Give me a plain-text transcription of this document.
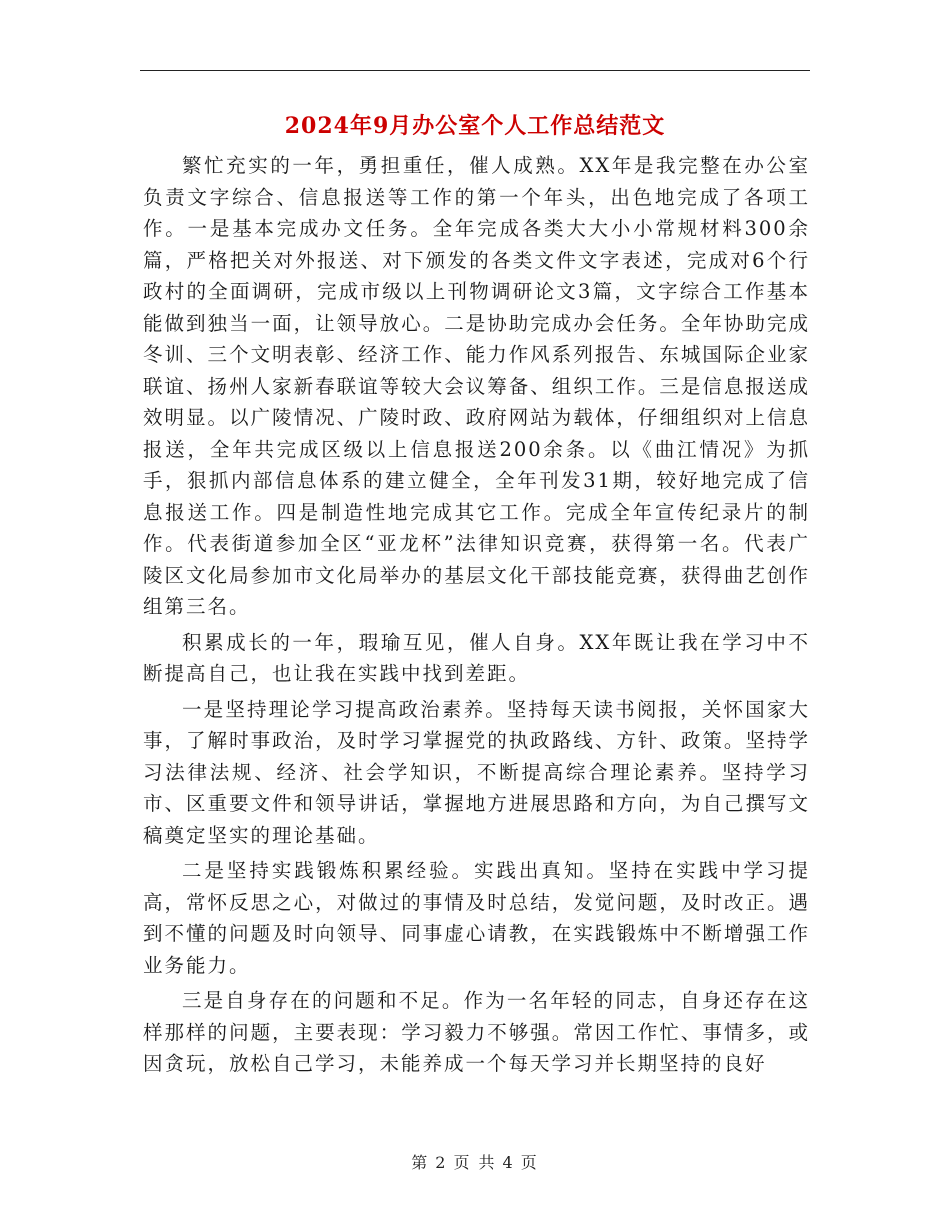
2024年9月办公室个人工作总结范文

繁忙充实的一年，勇担重任，催人成熟。XX年是我完整在办公室负责文字综合、信息报送等工作的第一个年头，出色地完成了各项工作。一是基本完成办文任务。全年完成各类大大小小常规材料300余篇，严格把关对外报送、对下颁发的各类文件文字表述，完成对6个行政村的全面调研，完成市级以上刊物调研论文3篇，文字综合工作基本能做到独当一面，让领导放心。二是协助完成办会任务。全年协助完成冬训、三个文明表彰、经济工作、能力作风系列报告、东城国际企业家联谊、扬州人家新春联谊等较大会议筹备、组织工作。三是信息报送成效明显。以广陵情况、广陵时政、政府网站为载体，仔细组织对上信息报送，全年共完成区级以上信息报送200余条。以《曲江情况》为抓手，狠抓内部信息体系的建立健全，全年刊发31期，较好地完成了信息报送工作。四是制造性地完成其它工作。完成全年宣传纪录片的制作。代表街道参加全区“亚龙杯”法律知识竞赛，获得第一名。代表广陵区文化局参加市文化局举办的基层文化干部技能竞赛，获得曲艺创作组第三名。

积累成长的一年，瑕瑜互见，催人自身。XX年既让我在学习中不断提高自己，也让我在实践中找到差距。

一是坚持理论学习提高政治素养。坚持每天读书阅报，关怀国家大事，了解时事政治，及时学习掌握党的执政路线、方针、政策。坚持学习法律法规、经济、社会学知识，不断提高综合理论素养。坚持学习市、区重要文件和领导讲话，掌握地方进展思路和方向，为自己撰写文稿奠定坚实的理论基础。

二是坚持实践锻炼积累经验。实践出真知。坚持在实践中学习提高，常怀反思之心，对做过的事情及时总结，发觉问题，及时改正。遇到不懂的问题及时向领导、同事虚心请教，在实践锻炼中不断增强工作业务能力。

三是自身存在的问题和不足。作为一名年轻的同志，自身还存在这样那样的问题，主要表现：学习毅力不够强。常因工作忙、事情多，或因贪玩，放松自己学习，未能养成一个每天学习并长期坚持的良好

第 2 页 共 4 页
